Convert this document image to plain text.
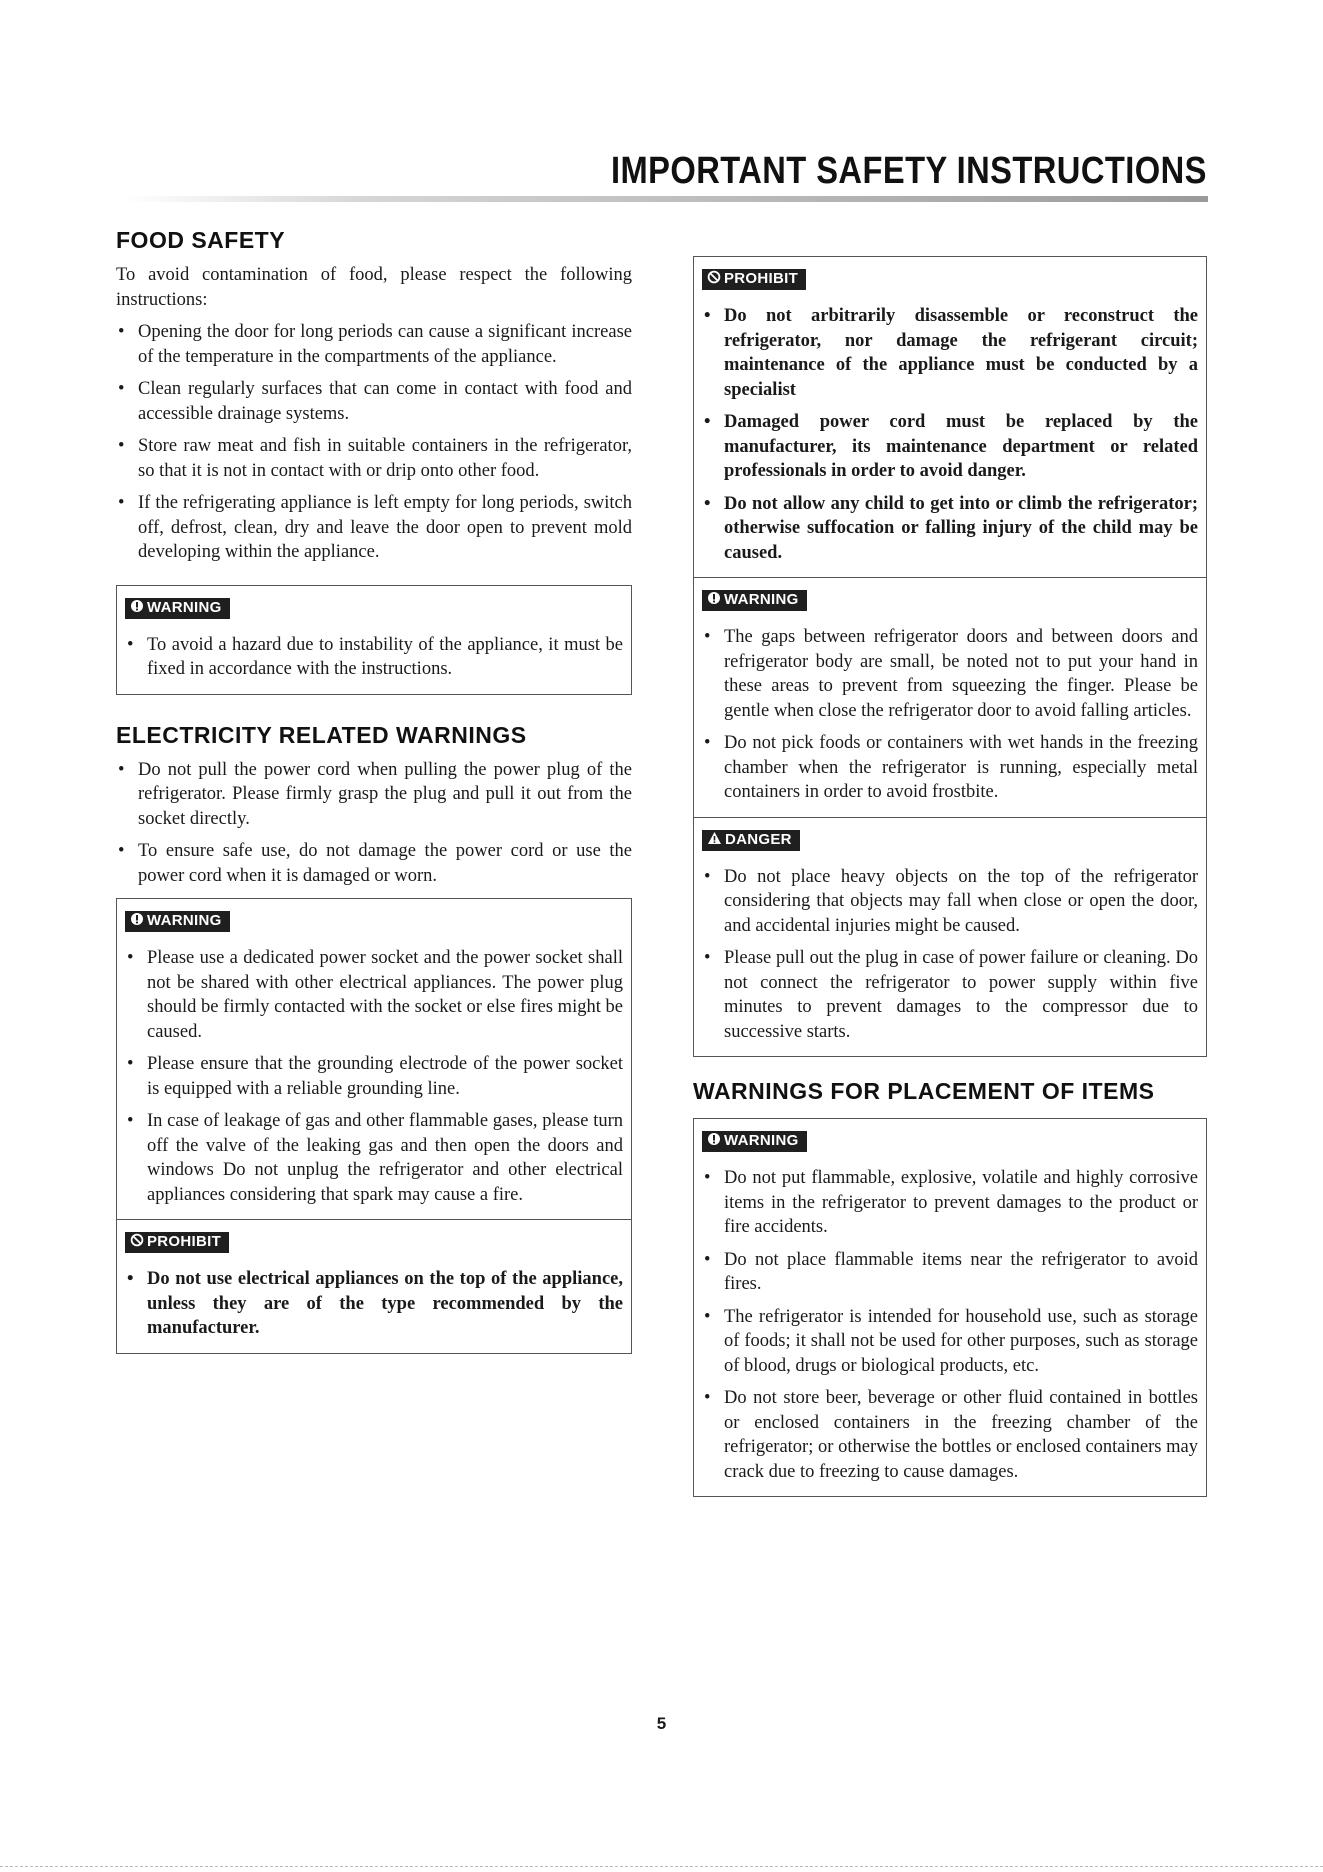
IMPORTANT SAFETY INSTRUCTIONS
FOOD SAFETY

To avoid contamination of food, please respect the following instructions:

• Opening the door for long periods can cause a significant increase of the temperature in the compartments of the appliance.
• Clean regularly surfaces that can come in contact with food and accessible drainage systems.
• Store raw meat and fish in suitable containers in the refrigerator, so that it is not in contact with or drip onto other food.
• If the refrigerating appliance is left empty for long periods, switch off, defrost, clean, dry and leave the door open to prevent mold developing within the appliance.
WARNING
• To avoid a hazard due to instability of the appliance, it must be fixed in accordance with the instructions.
ELECTRICITY RELATED WARNINGS
• Do not pull the power cord when pulling the power plug of the refrigerator. Please firmly grasp the plug and pull it out from the socket directly.
• To ensure safe use, do not damage the power cord or use the power cord when it is damaged or worn.
WARNING
• Please use a dedicated power socket and the power socket shall not be shared with other electrical appliances. The power plug should be firmly contacted with the socket or else fires might be caused.
• Please ensure that the grounding electrode of the power socket is equipped with a reliable grounding line.
• In case of leakage of gas and other flammable gases, please turn off the valve of the leaking gas and then open the doors and windows Do not unplug the refrigerator and other electrical appliances considering that spark may cause a fire.
PROHIBIT
• Do not use electrical appliances on the top of the appliance, unless they are of the type recommended by the manufacturer.
PROHIBIT
• Do not arbitrarily disassemble or reconstruct the refrigerator, nor damage the refrigerant circuit; maintenance of the appliance must be conducted by a specialist
• Damaged power cord must be replaced by the manufacturer, its maintenance department or related professionals in order to avoid danger.
• Do not allow any child to get into or climb the refrigerator; otherwise suffocation or falling injury of the child may be caused.
WARNING
• The gaps between refrigerator doors and between doors and refrigerator body are small, be noted not to put your hand in these areas to prevent from squeezing the finger. Please be gentle when close the refrigerator door to avoid falling articles.
• Do not pick foods or containers with wet hands in the freezing chamber when the refrigerator is running, especially metal containers in order to avoid frostbite.
DANGER
• Do not place heavy objects on the top of the refrigerator considering that objects may fall when close or open the door, and accidental injuries might be caused.
• Please pull out the plug in case of power failure or cleaning. Do not connect the refrigerator to power supply within five minutes to prevent damages to the compressor due to successive starts.
WARNINGS FOR PLACEMENT OF ITEMS
WARNING
• Do not put flammable, explosive, volatile and highly corrosive items in the refrigerator to prevent damages to the product or fire accidents.
• Do not place flammable items near the refrigerator to avoid fires.
• The refrigerator is intended for household use, such as storage of foods; it shall not be used for other purposes, such as storage of blood, drugs or biological products, etc.
• Do not store beer, beverage or other fluid contained in bottles or enclosed containers in the freezing chamber of the refrigerator; or otherwise the bottles or enclosed containers may crack due to freezing to cause damages.
5
